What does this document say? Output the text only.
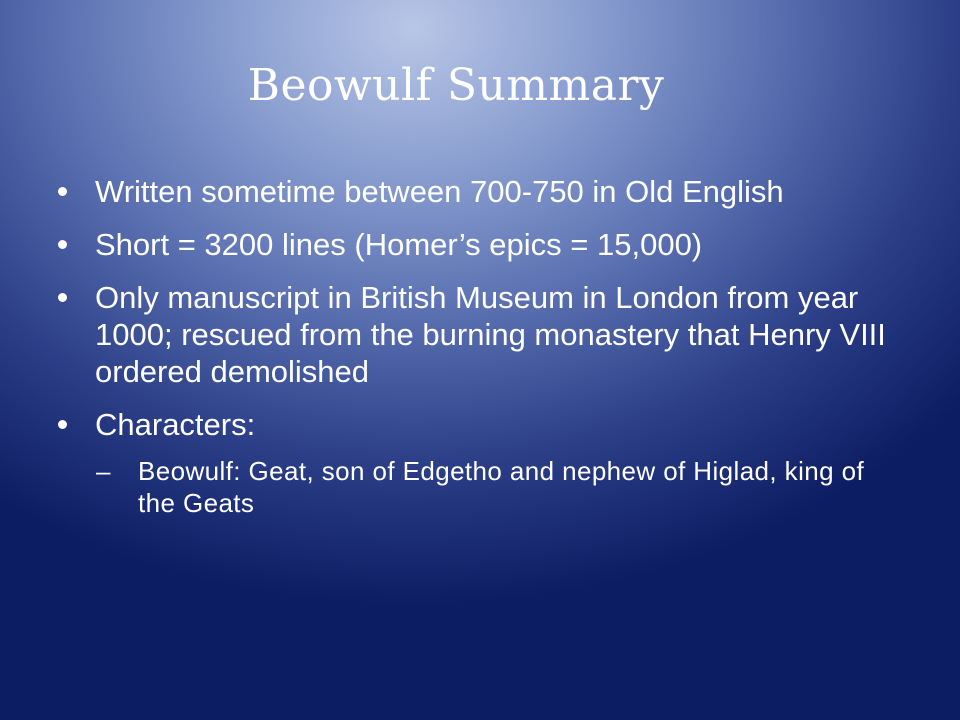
Beowulf Summary
Written sometime between 700-750 in Old English
Short = 3200 lines (Homer’s epics = 15,000)
Only manuscript in British Museum in London from year 1000; rescued from the burning monastery that Henry VIII ordered demolished
Characters:
– Beowulf: Geat, son of Edgetho and nephew of Higlad, king of the Geats
